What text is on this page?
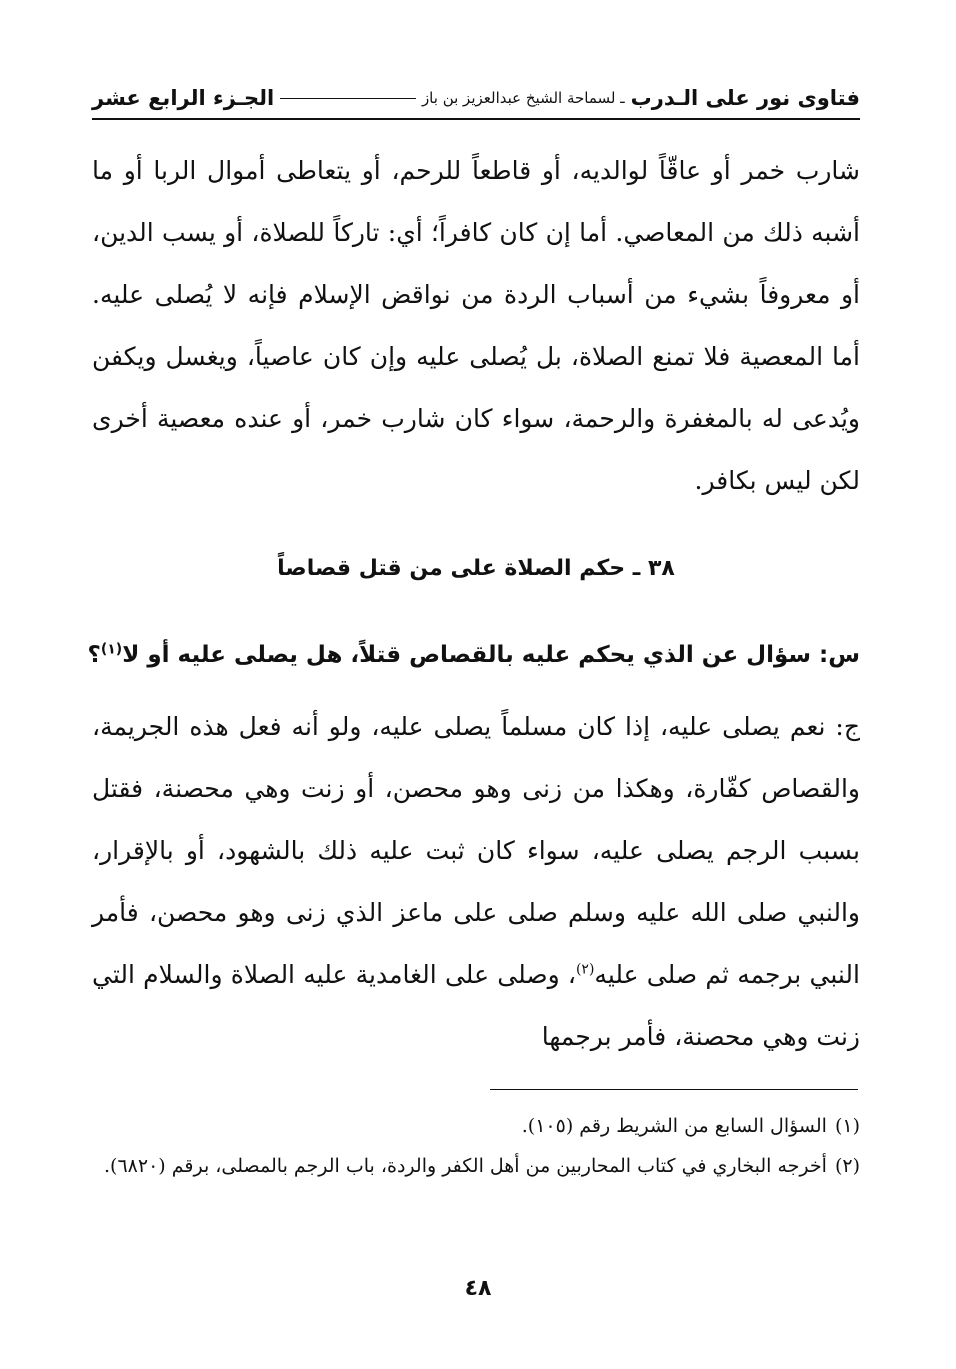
فتاوى نور على الـدرب
ـ لسماحة الشيخ عبدالعزيز بن باز
الجـزء الرابع عشر

شارب خمر أو عاقّاً لوالديه، أو قاطعاً للرحم، أو يتعاطى أموال الربا أو ما أشبه ذلك من المعاصي. أما إن كان كافراً؛ أي: تاركاً للصلاة، أو يسب الدين، أو معروفاً بشيء من أسباب الردة من نواقض الإسلام فإنه لا يُصلى عليه. أما المعصية فلا تمنع الصلاة، بل يُصلى عليه وإن كان عاصياً، ويغسل ويكفن ويُدعى له بالمغفرة والرحمة، سواء كان شارب خمر، أو عنده معصية أخرى لكن ليس بكافر.

٣٨ ـ حكم الصلاة على من قتل قصاصاً

س: سؤال عن الذي يحكم عليه بالقصاص قتلاً، هل يصلى عليه أو لا$^{(١)}$؟

ج: نعم يصلى عليه، إذا كان مسلماً يصلى عليه، ولو أنه فعل هذه الجريمة، والقصاص كفّارة، وهكذا من زنى وهو محصن، أو زنت وهي محصنة، فقتل بسبب الرجم يصلى عليه، سواء كان ثبت عليه ذلك بالشهود، أو بالإقرار، والنبي صلى الله عليه وسلم صلى على ماعز الذي زنى وهو محصن، فأمر النبي برجمه ثم صلى عليه$^{(٢)}$، وصلى على الغامدية عليه الصلاة والسلام التي زنت وهي محصنة، فأمر برجمها

(١)السؤال السابع من الشريط رقم (١٠٥).

(٢)أخرجه البخاري في كتاب المحاربين من أهل الكفر والردة، باب الرجم بالمصلى، برقم (٦٨٢٠).

٤٨
